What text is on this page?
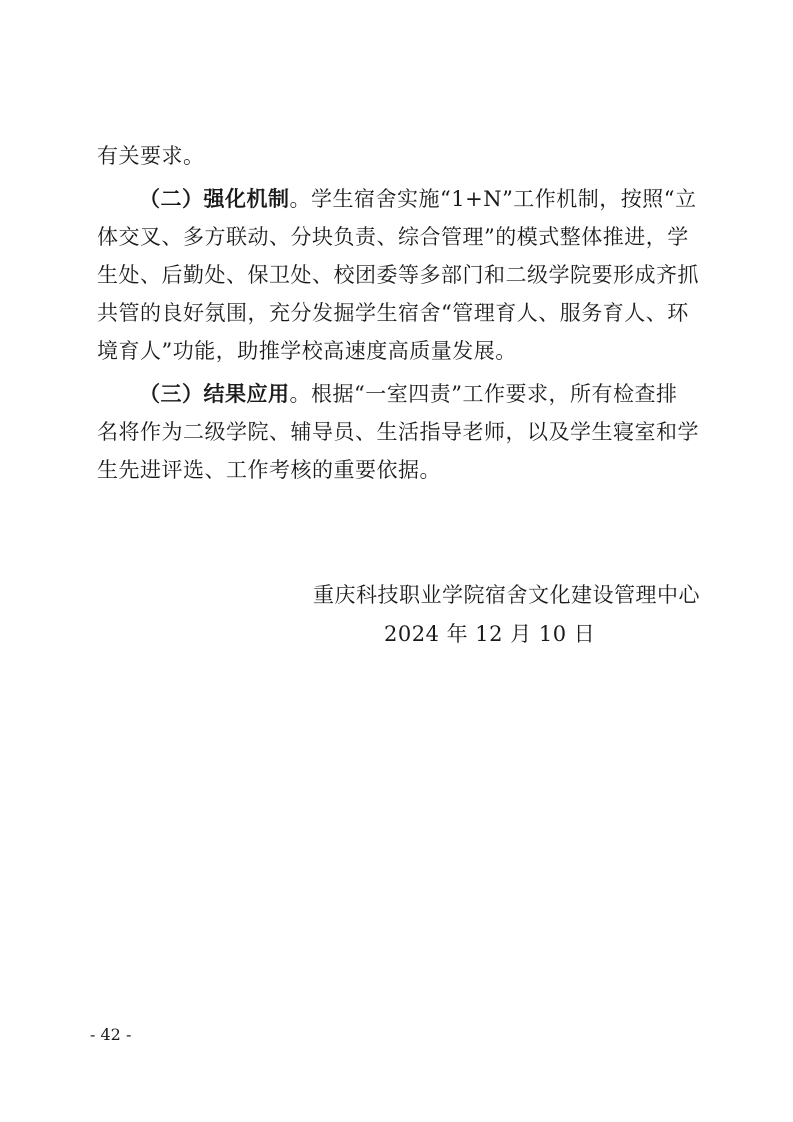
有关要求。
（二）强化机制。学生宿舍实施“1+N”工作机制，按照“立
体交叉、多方联动、分块负责、综合管理”的模式整体推进，学
生处、后勤处、保卫处、校团委等多部门和二级学院要形成齐抓
共管的良好氛围，充分发掘学生宿舍“管理育人、服务育人、环
境育人”功能，助推学校高速度高质量发展。
（三）结果应用。根据“一室四责”工作要求，所有检查排
名将作为二级学院、辅导员、生活指导老师，以及学生寝室和学
生先进评选、工作考核的重要依据。
重庆科技职业学院宿舍文化建设管理中心
2024 年 12 月 10 日
- 42 -
